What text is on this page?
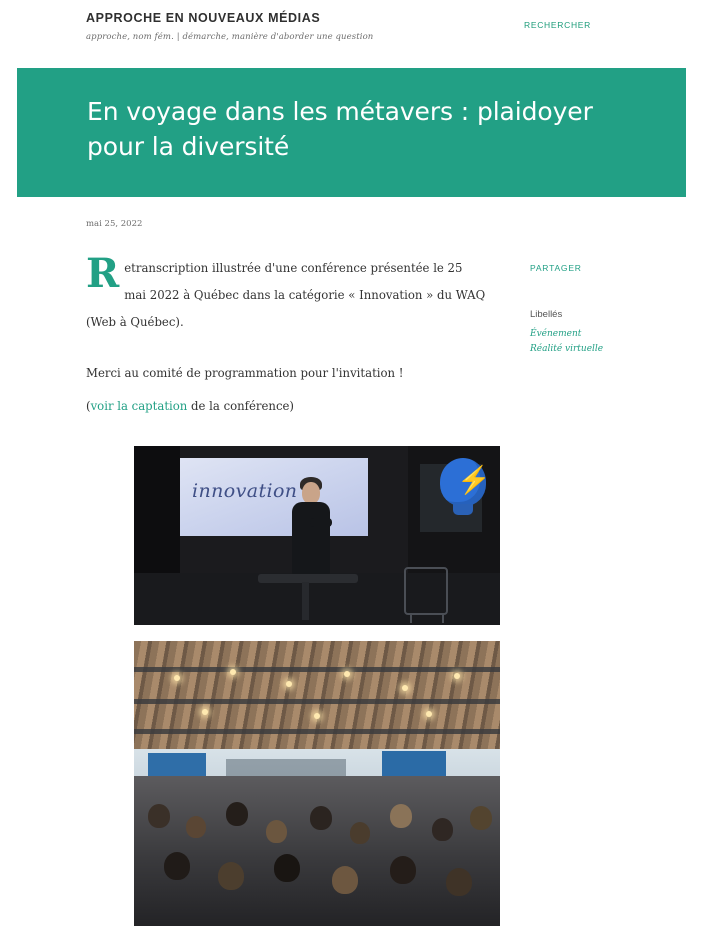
APPROCHE EN NOUVEAUX MÉDIAS

approche, nom fém. | démarche, manière d'aborder une question

RECHERCHER
En voyage dans les métavers : plaidoyer pour la diversité
mai 25, 2022

Retranscription illustrée d'une conférence présentée le 25 mai 2022 à Québec dans la catégorie « Innovation » du WAQ (Web à Québec).

Merci au comité de programmation pour l'invitation !

(voir la captation de la conférence)

PARTAGER
Libellés
Événement
Réalité virtuelle
innovation	⚡
